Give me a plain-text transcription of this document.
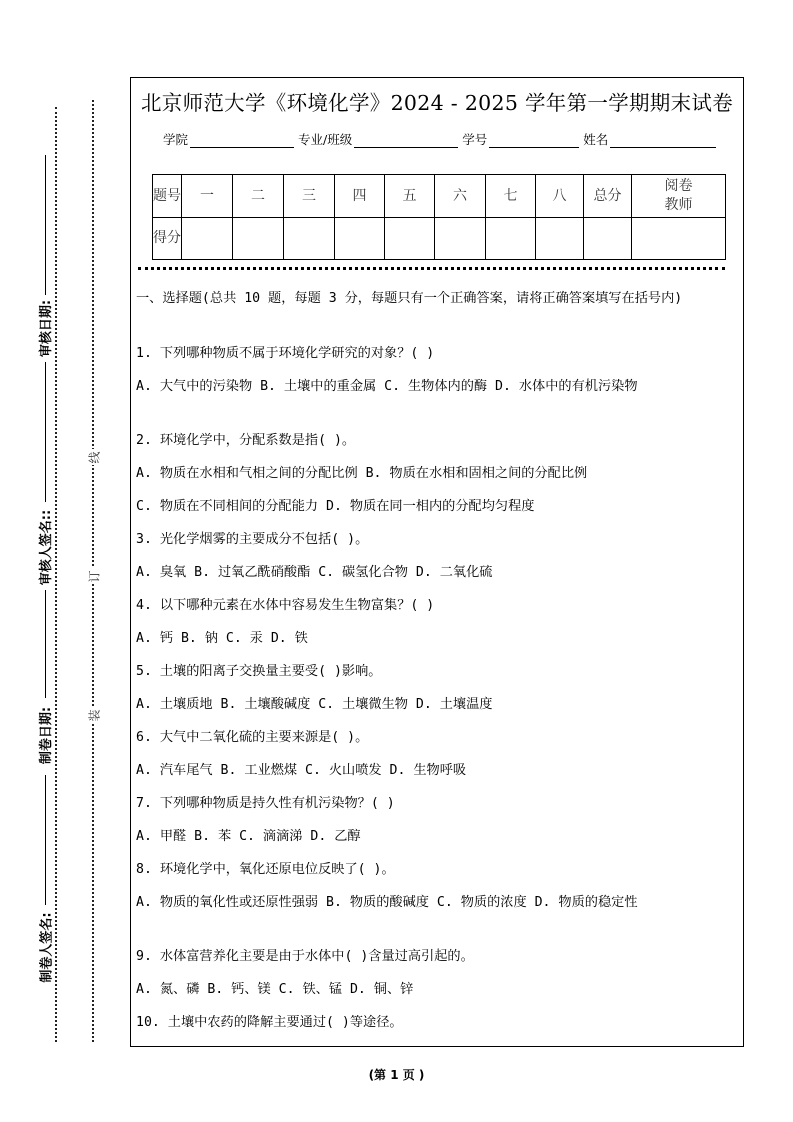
审核日期:
审核人签名::
制卷日期:
制卷人签名:
线
订
装
北京师范大学《环境化学》2024 - 2025 学年第一学期期末试卷
学院	专业/班级	学号	姓名
题号	一	二	三	四	五	六	七	八	总分	阅卷教师
得分										
一、选择题(总共 10 题，每题 3 分，每题只有一个正确答案，请将正确答案填写在括号内)
1. 下列哪种物质不属于环境化学研究的对象？( )
A. 大气中的污染物 B. 土壤中的重金属 C. 生物体内的酶 D. 水体中的有机污染物
2. 环境化学中，分配系数是指( )。
A. 物质在水相和气相之间的分配比例 B. 物质在水相和固相之间的分配比例
C. 物质在不同相间的分配能力 D. 物质在同一相内的分配均匀程度
3. 光化学烟雾的主要成分不包括( )。
A. 臭氧 B. 过氧乙酰硝酸酯 C. 碳氢化合物 D. 二氧化硫
4. 以下哪种元素在水体中容易发生生物富集？( )
A. 钙 B. 钠 C. 汞 D. 铁
5. 土壤的阳离子交换量主要受( )影响。
A. 土壤质地 B. 土壤酸碱度 C. 土壤微生物 D. 土壤温度
6. 大气中二氧化硫的主要来源是( )。
A. 汽车尾气 B. 工业燃煤 C. 火山喷发 D. 生物呼吸
7. 下列哪种物质是持久性有机污染物？( )
A. 甲醛 B. 苯 C. 滴滴涕 D. 乙醇
8. 环境化学中，氧化还原电位反映了( )。
A. 物质的氧化性或还原性强弱 B. 物质的酸碱度 C. 物质的浓度 D. 物质的稳定性
9. 水体富营养化主要是由于水体中( )含量过高引起的。
A. 氮、磷 B. 钙、镁 C. 铁、锰 D. 铜、锌
10. 土壤中农药的降解主要通过( )等途径。
(第 1 页 )
